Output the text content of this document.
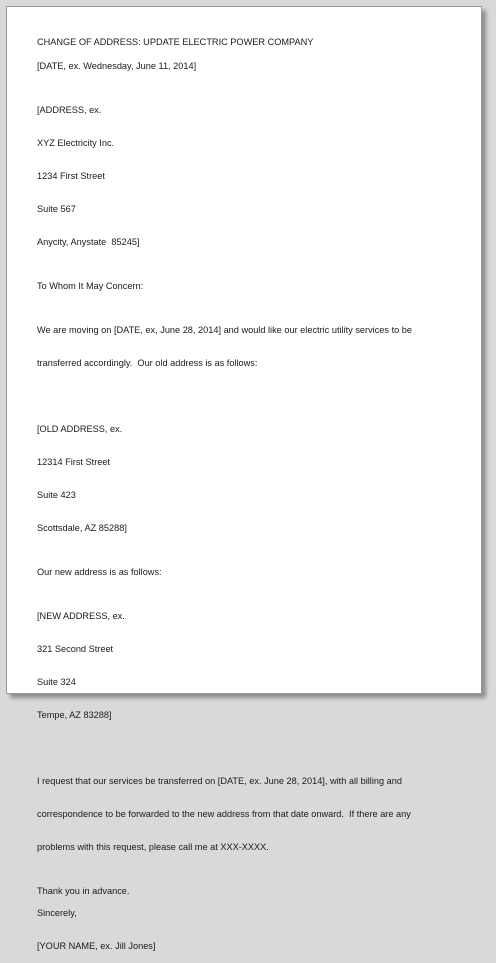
CHANGE OF ADDRESS: UPDATE ELECTRIC POWER COMPANY

[DATE, ex. Wednesday, June 11, 2014]

[ADDRESS, ex.

XYZ Electricity Inc.

1234 First Street

Suite 567

Anycity, Anystate  85245]

To Whom It May Concern:

We are moving on [DATE, ex, June 28, 2014] and would like our electric utility services to be

transferred accordingly.  Our old address is as follows:

[OLD ADDRESS, ex.

12314 First Street

Suite 423

Scottsdale, AZ 85288]

Our new address is as follows:

[NEW ADDRESS, ex.

321 Second Street

Suite 324

Tempe, AZ 83288]

I request that our services be transferred on [DATE, ex. June 28, 2014], with all billing and

correspondence to be forwarded to the new address from that date onward.  If there are any

problems with this request, please call me at XXX-XXXX.

Thank you in advance.

Sincerely,

[YOUR NAME, ex. Jill Jones]
